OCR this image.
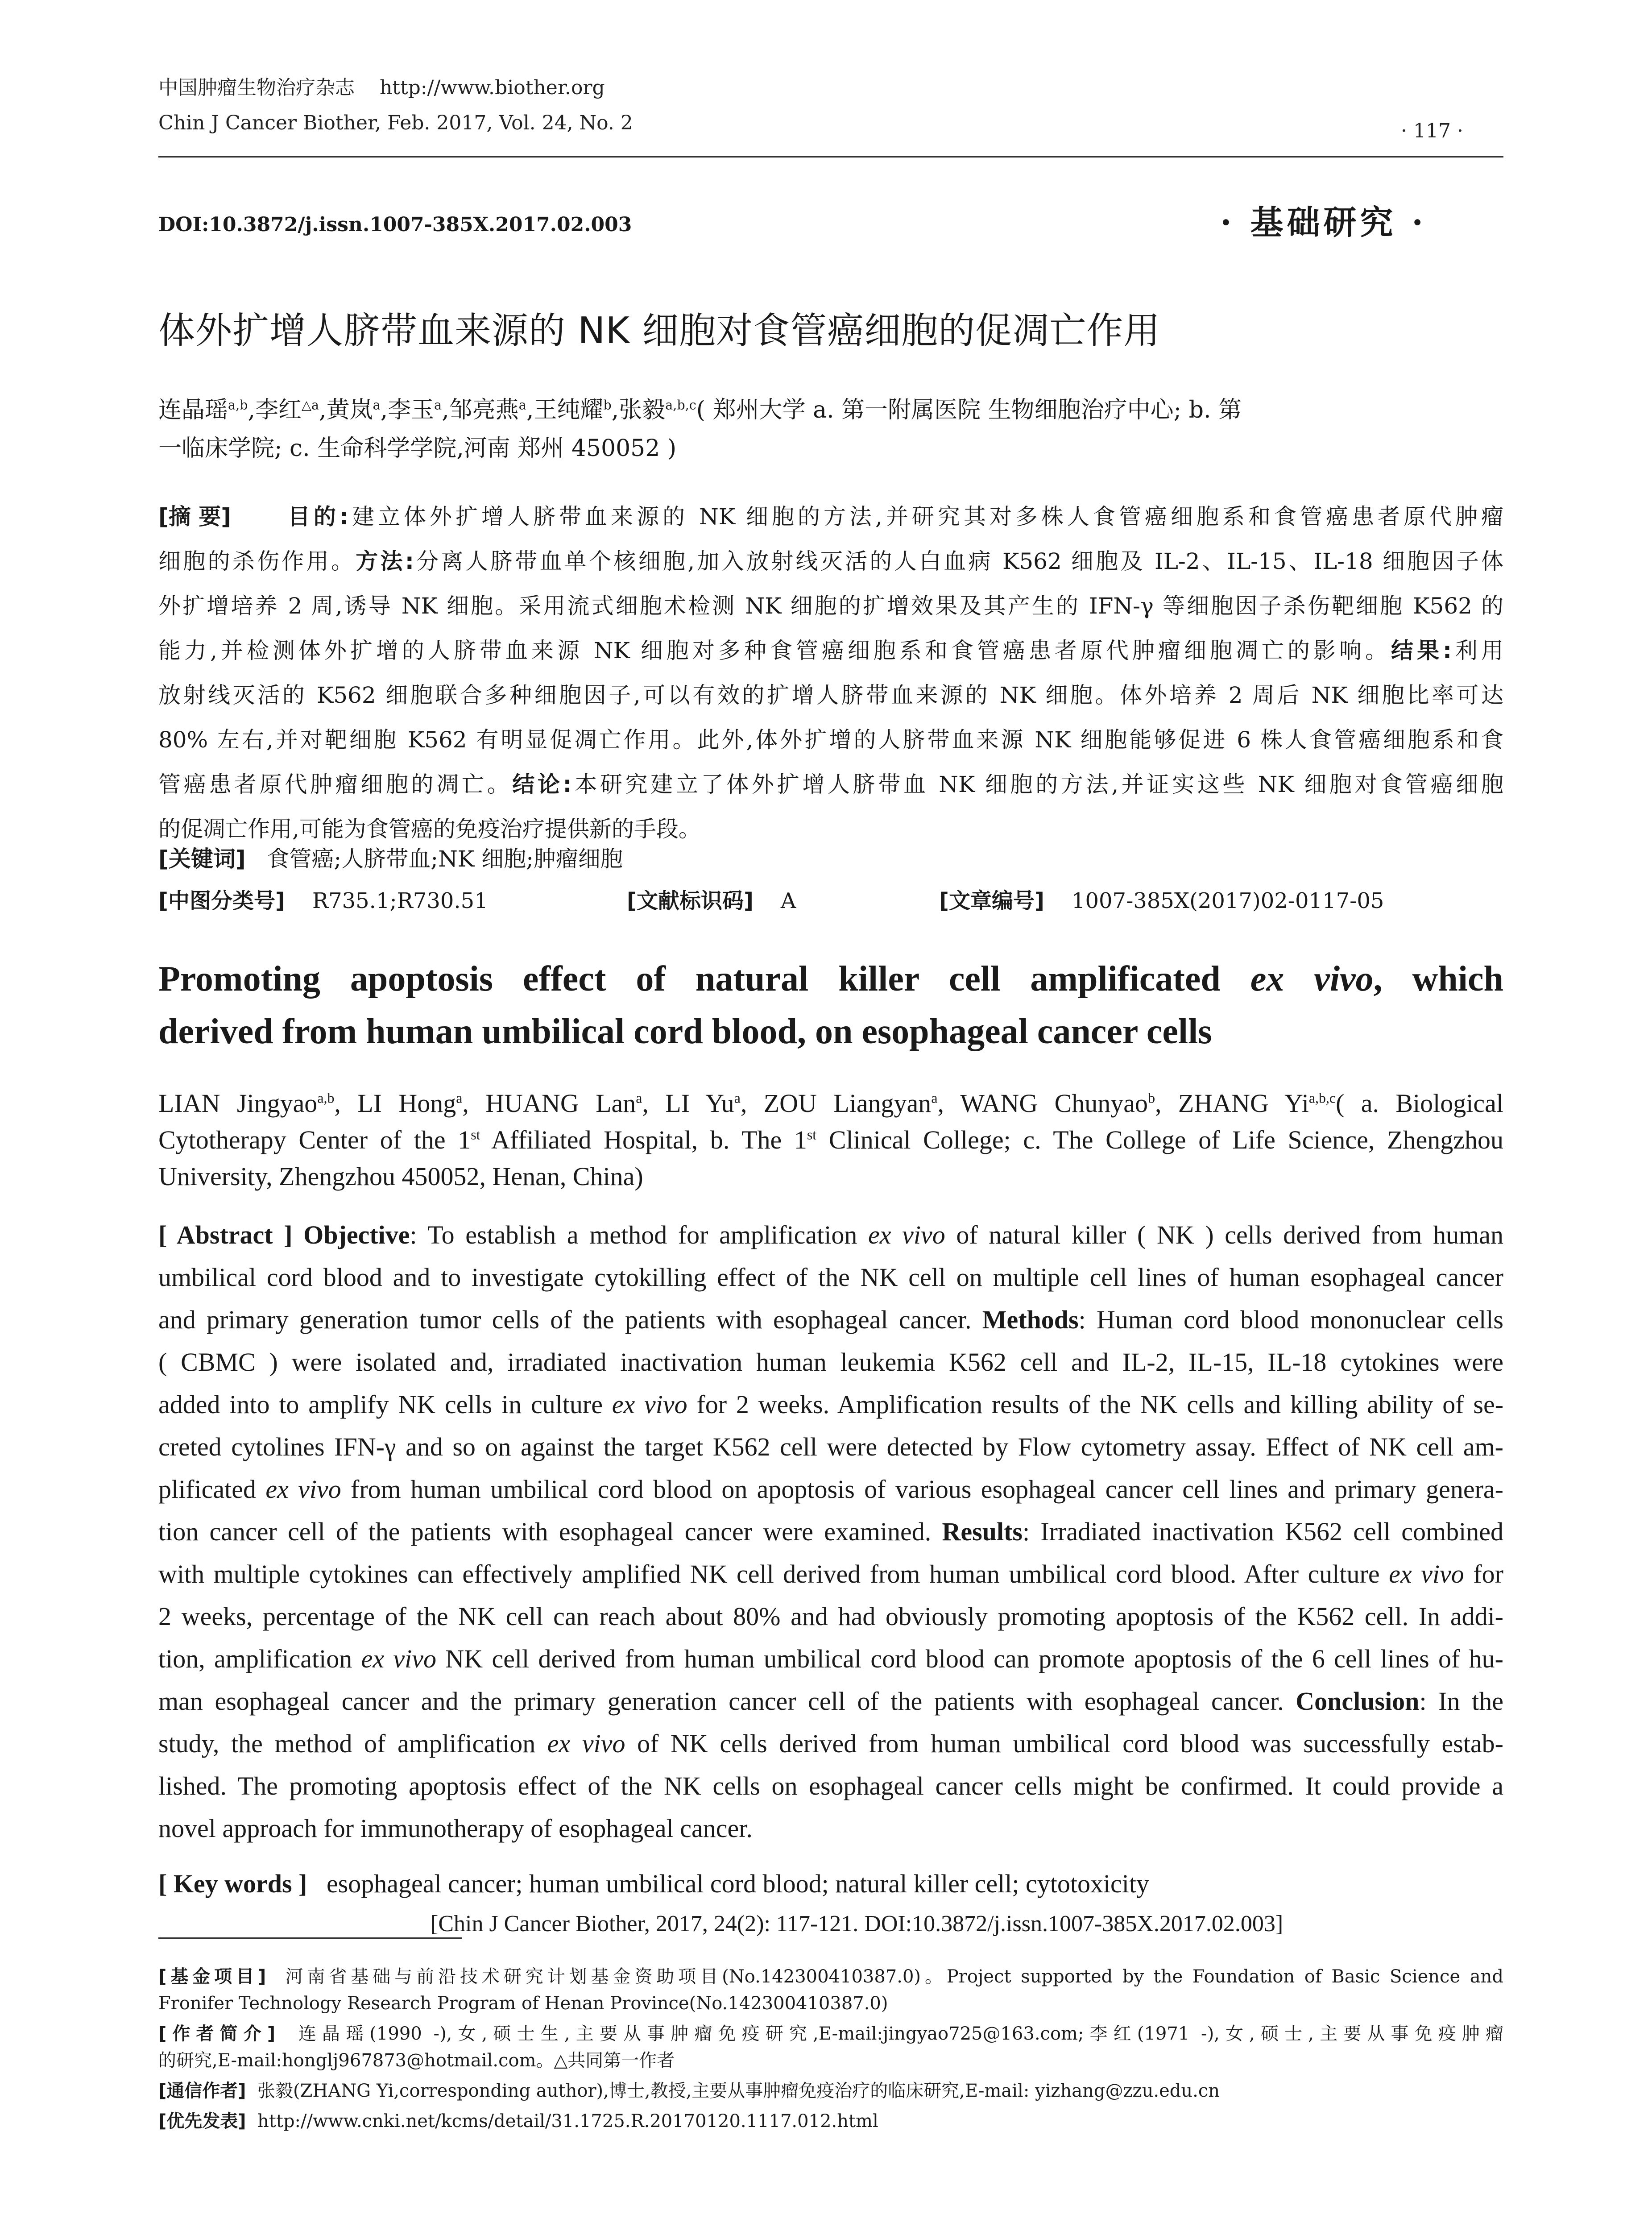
中国肿瘤生物治疗杂志 http://www.biother.org
Chin J Cancer Biother, Feb. 2017, Vol. 24, No. 2	· 117 ·
DOI:10.3872/j.issn.1007-385X.2017.02.003	· 基础研究 ·
体外扩增人脐带血来源的 NK 细胞对食管癌细胞的促凋亡作用
连晶瑶$^{a,b}$,李红$^{\triangle a}$,黄岚$^a$,李玉$^a$,邹亮燕$^a$,王纯耀$^b$,张毅$^{a,b,c}$( 郑州大学 a. 第一附属医院 生物细胞治疗中心; b. 第
一临床学院; c. 生命科学学院,河南 郑州 450052 )
[摘 要]	目的:建立体外扩增人脐带血来源的 NK 细胞的方法,并研究其对多株人食管癌细胞系和食管癌患者原代肿瘤
细胞的杀伤作用。方法:分离人脐带血单个核细胞,加入放射线灭活的人白血病 K562 细胞及 IL-2、IL-15、IL-18 细胞因子体
外扩增培养 2 周,诱导 NK 细胞。采用流式细胞术检测 NK 细胞的扩增效果及其产生的 IFN-γ 等细胞因子杀伤靶细胞 K562 的
能力,并检测体外扩增的人脐带血来源 NK 细胞对多种食管癌细胞系和食管癌患者原代肿瘤细胞凋亡的影响。结果:利用
放射线灭活的 K562 细胞联合多种细胞因子,可以有效的扩增人脐带血来源的 NK 细胞。体外培养 2 周后 NK 细胞比率可达
80% 左右,并对靶细胞 K562 有明显促凋亡作用。此外,体外扩增的人脐带血来源 NK 细胞能够促进 6 株人食管癌细胞系和食
管癌患者原代肿瘤细胞的凋亡。结论:本研究建立了体外扩增人脐带血 NK 细胞的方法,并证实这些 NK 细胞对食管癌细胞
的促凋亡作用,可能为食管癌的免疫治疗提供新的手段。
[关键词] 食管癌;人脐带血;NK 细胞;肿瘤细胞
[中图分类号] R735.1;R730.51	[文献标识码] A	[文章编号] 1007-385X(2017)02-0117-05
Promoting apoptosis effect of natural killer cell amplificated ex vivo, which
derived from human umbilical cord blood, on esophageal cancer cells
LIAN Jingyao$^{a,b}$, LI Hong$^a$, HUANG Lan$^a$, LI Yu$^a$, ZOU Liangyan$^a$, WANG Chunyao$^b$, ZHANG Yi$^{a,b,c}$( a. Biological
Cytotherapy Center of the 1st Affiliated Hospital, b. The 1st Clinical College; c. The College of Life Science, Zhengzhou
University, Zhengzhou 450052, Henan, China)
[ Abstract ] Objective: To establish a method for amplification ex vivo of natural killer ( NK ) cells derived from human
umbilical cord blood and to investigate cytokilling effect of the NK cell on multiple cell lines of human esophageal cancer
and primary generation tumor cells of the patients with esophageal cancer. Methods: Human cord blood mononuclear cells
( CBMC ) were isolated and, irradiated inactivation human leukemia K562 cell and IL-2, IL-15, IL-18 cytokines were
added into to amplify NK cells in culture ex vivo for 2 weeks. Amplification results of the NK cells and killing ability of se-
creted cytolines IFN-γ and so on against the target K562 cell were detected by Flow cytometry assay. Effect of NK cell am-
plificated ex vivo from human umbilical cord blood on apoptosis of various esophageal cancer cell lines and primary genera-
tion cancer cell of the patients with esophageal cancer were examined. Results: Irradiated inactivation K562 cell combined
with multiple cytokines can effectively amplified NK cell derived from human umbilical cord blood. After culture ex vivo for
2 weeks, percentage of the NK cell can reach about 80% and had obviously promoting apoptosis of the K562 cell. In addi-
tion, amplification ex vivo NK cell derived from human umbilical cord blood can promote apoptosis of the 6 cell lines of hu-
man esophageal cancer and the primary generation cancer cell of the patients with esophageal cancer. Conclusion: In the
study, the method of amplification ex vivo of NK cells derived from human umbilical cord blood was successfully estab-
lished. The promoting apoptosis effect of the NK cells on esophageal cancer cells might be confirmed. It could provide a
novel approach for immunotherapy of esophageal cancer.
[ Key words ] esophageal cancer; human umbilical cord blood; natural killer cell; cytotoxicity
[Chin J Cancer Biother, 2017, 24(2): 117-121. DOI:10.3872/j.issn.1007-385X.2017.02.003]
[基金项目] 河南省基础与前沿技术研究计划基金资助项目(No.142300410387.0)。Project supported by the Foundation of Basic Science and
Fronifer Technology Research Program of Henan Province(No.142300410387.0)
[作者简介] 连晶瑶(1990 -),女,硕士生,主要从事肿瘤免疫研究,E-mail:jingyao725@163.com;李红(1971 -),女,硕士,主要从事免疫肿瘤
的研究,E-mail:honglj967873@hotmail.com。△共同第一作者
[通信作者] 张毅(ZHANG Yi,corresponding author),博士,教授,主要从事肿瘤免疫治疗的临床研究,E-mail: yizhang@zzu.edu.cn
[优先发表] http://www.cnki.net/kcms/detail/31.1725.R.20170120.1117.012.html
